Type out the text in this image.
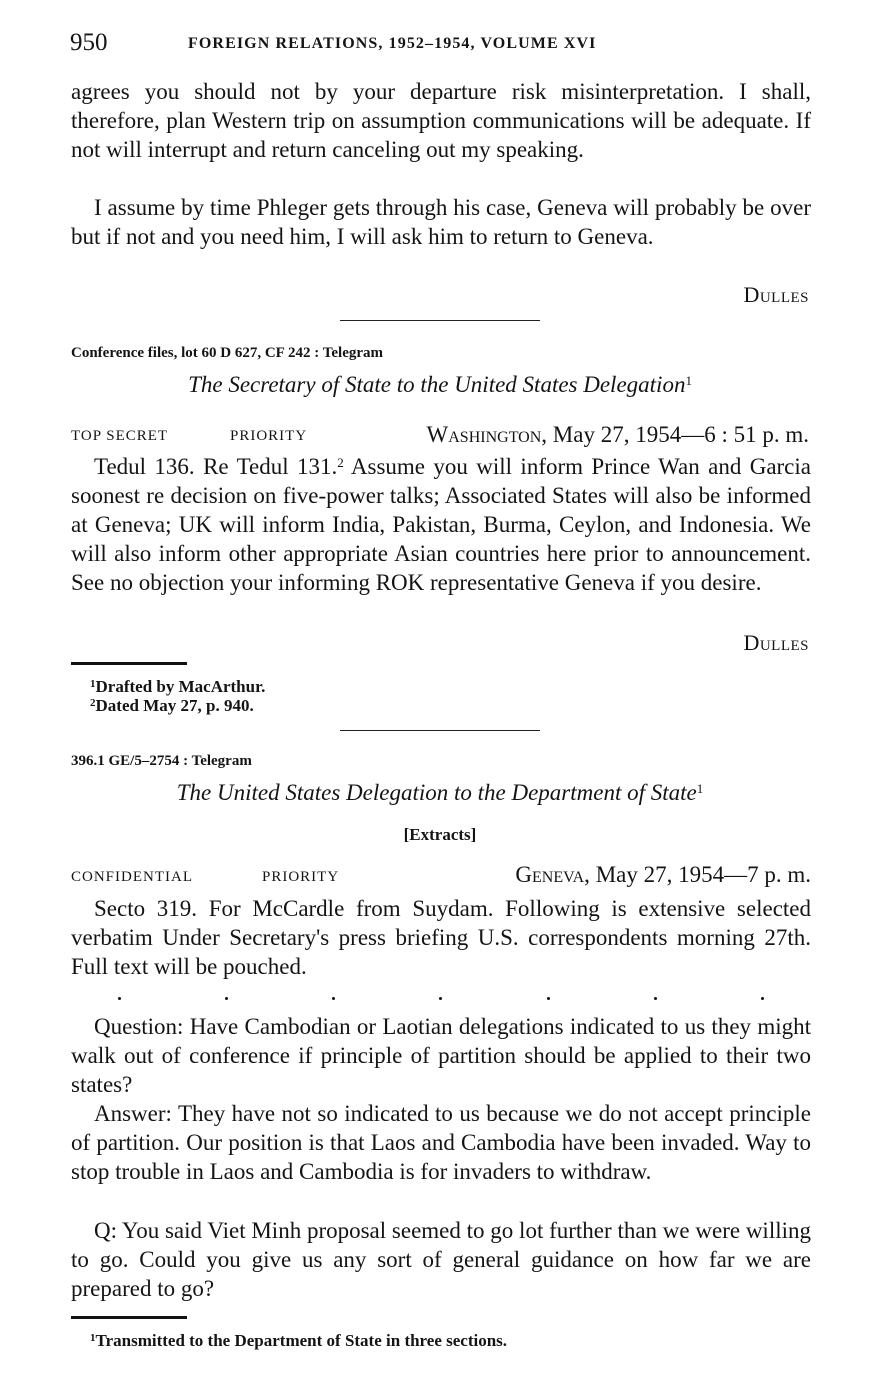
950	FOREIGN RELATIONS, 1952–1954, VOLUME XVI

agrees you should not by your departure risk misinterpretation. I shall, therefore, plan Western trip on assumption communications will be adequate. If not will interrupt and return canceling out my speaking.

I assume by time Phleger gets through his case, Geneva will probably be over but if not and you need him, I will ask him to return to Geneva.

Dulles
Conference files, lot 60 D 627, CF 242 : Telegram
The Secretary of State to the United States Delegation$^1$
TOP SECRET	PRIORITY	Washington, May 27, 1954—6 : 51 p. m.

Tedul 136. Re Tedul 131.$^2$ Assume you will inform Prince Wan and Garcia soonest re decision on five-power talks; Associated States will also be informed at Geneva; UK will inform India, Pakistan, Burma, Ceylon, and Indonesia. We will also inform other appropriate Asian countries here prior to announcement. See no objection your informing ROK representative Geneva if you desire.

Dulles
$^1$Drafted by MacArthur.
$^2$Dated May 27, p. 940.
396.1 GE/5–2754 : Telegram
The United States Delegation to the Department of State$^1$
[Extracts]
CONFIDENTIAL	PRIORITY	Geneva, May 27, 1954—7 p. m.

Secto 319. For McCardle from Suydam. Following is extensive selected verbatim Under Secretary's press briefing U.S. correspondents morning 27th. Full text will be pouched.

Question: Have Cambodian or Laotian delegations indicated to us they might walk out of conference if principle of partition should be applied to their two states?

Answer: They have not so indicated to us because we do not accept principle of partition. Our position is that Laos and Cambodia have been invaded. Way to stop trouble in Laos and Cambodia is for invaders to withdraw.

Q: You said Viet Minh proposal seemed to go lot further than we were willing to go. Could you give us any sort of general guidance on how far we are prepared to go?

$^1$Transmitted to the Department of State in three sections.
